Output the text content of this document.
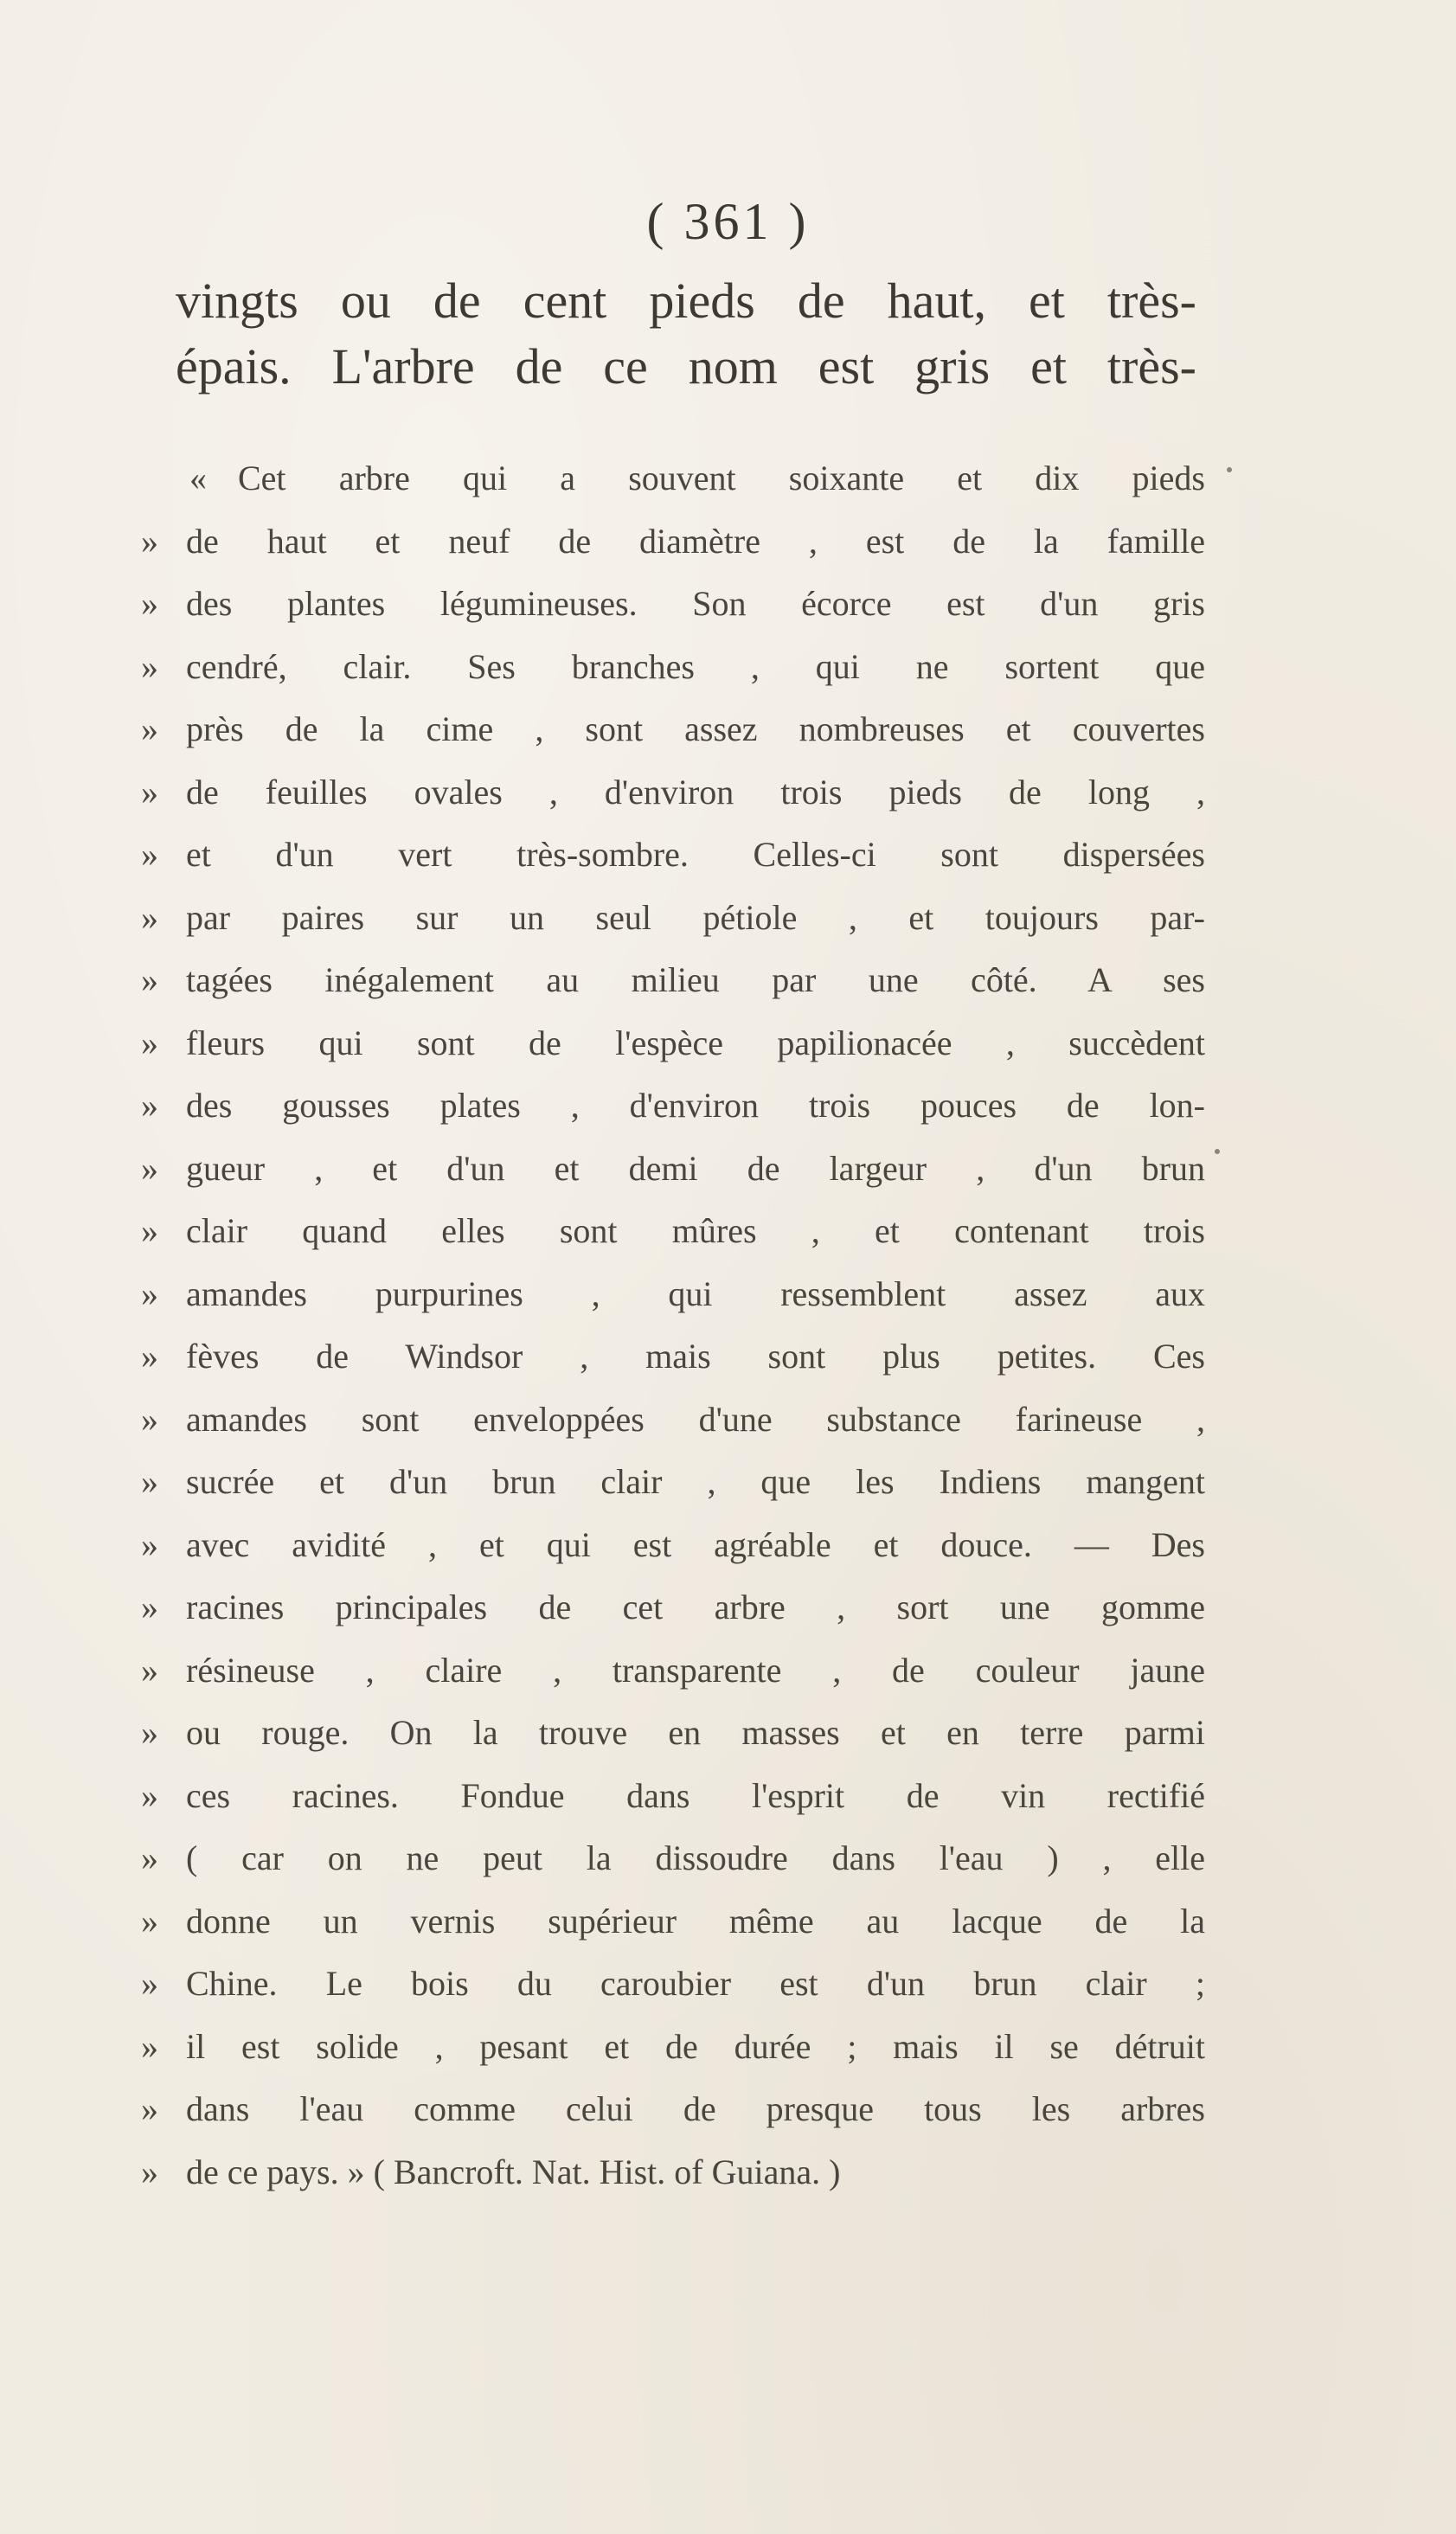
( 361 )
vingts ou de cent pieds de haut, et très-
épais. L'arbre de ce nom est gris et très-
« Cet arbre qui a souvent soixante et dix pieds
» de haut et neuf de diamètre , est de la famille
» des plantes légumineuses. Son écorce est d'un gris
» cendré, clair. Ses branches , qui ne sortent que
» près de la cime , sont assez nombreuses et couvertes
» de feuilles ovales , d'environ trois pieds de long ,
» et d'un vert très-sombre. Celles-ci sont dispersées
» par paires sur un seul pétiole , et toujours par-
» tagées inégalement au milieu par une côté. A ses
» fleurs qui sont de l'espèce papilionacée , succèdent
» des gousses plates , d'environ trois pouces de lon-
» gueur , et d'un et demi de largeur , d'un brun
» clair quand elles sont mûres , et contenant trois
» amandes purpurines , qui ressemblent assez aux
» fèves de Windsor , mais sont plus petites. Ces
» amandes sont enveloppées d'une substance farineuse ,
» sucrée et d'un brun clair , que les Indiens mangent
» avec avidité , et qui est agréable et douce. — Des
» racines principales de cet arbre , sort une gomme
» résineuse , claire , transparente , de couleur jaune
» ou rouge. On la trouve en masses et en terre parmi
» ces racines. Fondue dans l'esprit de vin rectifié
» ( car on ne peut la dissoudre dans l'eau ) , elle
» donne un vernis supérieur même au lacque de la
» Chine. Le bois du caroubier est d'un brun clair ;
» il est solide , pesant et de durée ; mais il se détruit
» dans l'eau comme celui de presque tous les arbres
» de ce pays. » ( Bancroft. Nat. Hist. of Guiana. )
